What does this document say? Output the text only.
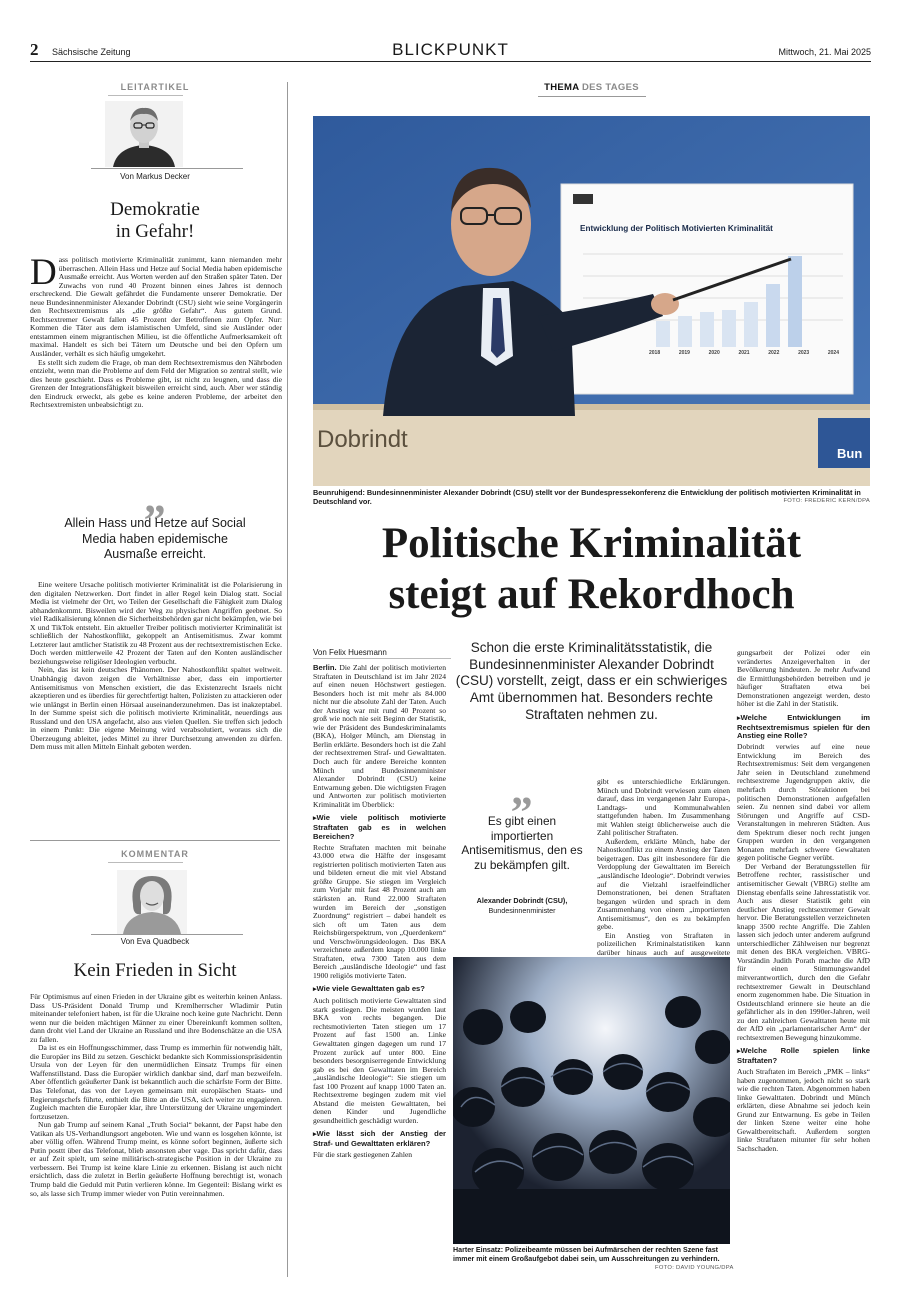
2 Sächsische Zeitung	BLICKPUNKT	Mittwoch, 21. Mai 2025
LEITARTIKEL
Von Markus Decker
Demokratie
in Gefahr!
D ass politisch motivierte Kriminalität zunimmt, kann niemanden mehr überraschen. Allein Hass und Hetze auf Social Media haben epidemische Ausmaße erreicht. Aus Worten werden auf den Straßen später Taten. Der Zuwachs von rund 40 Prozent binnen eines Jahres ist dennoch erschreckend. Die Gewalt gefährdet die Fundamente unserer Demokratie. Der neue Bundesinnenminister Alexander Dobrindt (CSU) sieht wie seine Vorgängerin den Rechtsextremismus als „die größte Gefahr“. Aus gutem Grund. Rechtsextremer Gewalt fallen 45 Prozent der Betroffenen zum Opfer. Nur: Kommen die Täter aus dem islamistischen Umfeld, sind sie Ausländer oder entstammen einem migrantischen Milieu, ist die öffentliche Aufmerksamkeit oft maximal. Handelt es sich bei Tätern um Deutsche und bei den Opfern um Ausländer, verhält es sich häufig umgekehrt.

Es stellt sich zudem die Frage, ob man dem Rechtsextremismus den Nährboden entzieht, wenn man die Probleme auf dem Feld der Migration so zentral stellt, wie dies heute geschieht. Dass es Probleme gibt, ist nicht zu leugnen, und dass die Grenzen der Integrationsfähigkeit bisweilen erreicht sind, auch. Aber wer ständig den Eindruck erweckt, als gebe es keine anderen Probleme, der arbeitet den Rechtsextremisten unbeabsichtigt zu.

„
Allein Hass und Hetze auf Social Media haben epidemische Ausmaße erreicht.

Eine weitere Ursache politisch motivierter Kriminalität ist die Polarisierung in den digitalen Netzwerken. Dort findet in aller Regel kein Dialog statt. Social Media ist vielmehr der Ort, wo Teilen der Gesellschaft die Fähigkeit zum Dialog abhandenkommt. Bisweilen wird der Weg zu physischen Angriffen geebnet. So viel Radikalisierung können die Sicherheitsbehörden gar nicht bekämpfen, wie bei X und TikTok entsteht. Ein aktueller Treiber politisch motivierter Kriminalität ist schließlich der Nahostkonflikt, gekoppelt an Antisemitismus. Zwar kommt Letzterer laut amtlicher Statistik zu 48 Prozent aus der rechtsextremistischen Ecke. Doch werden mittlerweile 42 Prozent der Taten auf den Konten ausländischer beziehungsweise religiöser Ideologien verbucht.

Nein, das ist kein deutsches Phänomen. Der Nahostkonflikt spaltet weltweit. Unabhängig davon zeigen die Verhältnisse aber, dass ein importierter Antisemitismus von Menschen existiert, die das Existenzrecht Israels nicht akzeptieren und es überdies für gerechtfertigt halten, Polizisten zu attackieren oder wie unlängst in Berlin einen Hörsaal auseinanderzunehmen. Das ist inakzeptabel. In der Summe speist sich die politisch motivierte Kriminalität, neuerdings aus Russland und den USA angefacht, also aus vielen Quellen. Sie treffen sich jedoch in einem Punkt: Die eigene Meinung wird verabsolutiert, woraus sich die Überzeugung ableitet, jedes Mittel zu ihrer Durchsetzung anwenden zu dürfen. Dem muss mit allen Mitteln Einhalt geboten werden.

KOMMENTAR
Von Eva Quadbeck
Kein Frieden in Sicht

Für Optimismus auf einen Frieden in der Ukraine gibt es weiterhin keinen Anlass. Dass US-Präsident Donald Trump und Kremlherrscher Wladimir Putin miteinander telefoniert haben, ist für die Ukraine noch keine gute Nachricht. Denn wenn nur die beiden mächtigen Männer zu einer Übereinkunft kommen sollten, dann droht viel Land der Ukraine an Russland und ihre Bodenschätze an die USA zu fallen.

Da ist es ein Hoffnungsschimmer, dass Trump es immerhin für notwendig hält, die Europäer ins Bild zu setzen. Geschickt bedankte sich Kommissionspräsidentin Ursula von der Leyen für den unermüdlichen Einsatz Trumps für einen Waffenstillstand. Dass die Europäer wirklich dankbar sind, darf man bezweifeln. Aber öffentlich geäußerter Dank ist bekanntlich auch die schärfste Form der Bitte. Das Telefonat, das von der Leyen gemeinsam mit europäischen Staats- und Regierungschefs führte, enthielt die Bitte an die USA, sich weiter zu engagieren. Zugleich machten die Europäer klar, ihre Unterstützung der Ukraine ungemindert fortzusetzen.

Nun gab Trump auf seinem Kanal „Truth Social“ bekannt, der Papst habe den Vatikan als US-Verhandlungsort angeboten. Wie und wann es losgehen könnte, ist aber völlig offen. Während Trump meint, es könne sofort beginnen, äußerte sich Putin posttt über das Telefonat, blieb ansonsten aber vage. Das spricht dafür, dass er auf Zeit spielt, um seine militärisch-strategische Position in der Ukraine zu verbessern. Bei Trump ist keine klare Linie zu erkennen. Bislang ist auch nicht ersichtlich, dass die zuletzt in Berlin geäußerte Hoffnung berechtigt ist, wonach Trump bald die Geduld mit Putin verlieren könne. Im Gegenteil: Bislang wirkt es so, als lasse sich Trump immer wieder von Putin vereinnahmen.

THEMA DES TAGES
Entwicklung der Politisch Motivierten Kriminalität
2018	2019	2020	2021	2022	2023	2024
Dobrindt
Bun
Beunruhigend: Bundesinnenminister Alexander Dobrindt (CSU) stellt vor der Bundespressekonferenz die Entwicklung der politisch motivierten Kriminalität in Deutschland vor.	FOTO: FREDERIC KERN/DPA
Politische Kriminalität
steigt auf Rekordhoch
Von Felix Huesmann	Schon die erste Kriminalitätsstatistik, die Bundesinnenminister Alexander Dobrindt (CSU) vorstellt, zeigt, dass er ein schwieriges Amt übernommen hat. Besonders rechte Straftaten nehmen zu.

Berlin. Die Zahl der politisch motivierten Straftaten in Deutschland ist im Jahr 2024 auf einen neuen Höchstwert gestiegen. Besonders hoch ist mit mehr als 84.000 nicht nur die absolute Zahl der Taten. Auch der Anstieg war mit rund 40 Prozent so groß wie noch nie seit Beginn der Statistik, wie der Präsident des Bundeskriminalamts (BKA), Holger Münch, am Dienstag in Berlin erklärte. Besonders hoch ist die Zahl der rechtsextremen Straf- und Gewalttaten. Doch auch für andere Bereiche konnten Münch und Bundesinnenminister Alexander Dobrindt (CSU) keine Entwarnung geben. Die wichtigsten Fragen und Antworten zur politisch motivierten Kriminalität im Überblick:

▸ Wie viele politisch motivierte Straftaten gab es in welchen Bereichen?

Rechte Straftaten machten mit beinahe 43.000 etwa die Hälfte der insgesamt registrierten politisch motivierten Taten aus und bildeten erneut die mit viel Abstand größte Gruppe. Sie stiegen im Vergleich zum Vorjahr mit fast 48 Prozent auch am stärksten an. Rund 22.000 Straftaten wurden im Bereich der „sonstigen Zuordnung“ registriert – dabei handelt es sich oft um Taten aus dem Reichsbürgerspektrum, von „Querdenkern“ und Verschwörungsideologen. Das BKA verzeichnete außerdem knapp 10.000 linke Straftaten, etwa 7300 Taten aus dem Bereich „ausländische Ideologie“ und fast 1900 religiös motivierte Taten.

▸ Wie viele Gewalttaten gab es?

Auch politisch motivierte Gewalttaten sind stark gestiegen. Die meisten wurden laut BKA von rechts begangen. Die rechtsmotivierten Taten stiegen um 17 Prozent auf fast 1500 an. Linke Gewalttaten gingen dagegen um rund 17 Prozent zurück auf unter 800. Eine besonders besorgniserregende Entwicklung gab es bei den Gewalttaten im Bereich „ausländische Ideologie“: Sie stiegen um fast 100 Prozent auf knapp 1000 Taten an. Rechtsextreme begingen zudem mit viel Abstand die meisten Gewalttaten, bei denen Kinder und Jugendliche gesundheitlich geschädigt wurden.

▸ Wie lässt sich der Anstieg der Straf- und Gewalttaten erklären?

Für die stark gestiegenen Zahlen

„
Es gibt einen importierten Antisemitismus, den es zu bekämpfen gilt.
Alexander Dobrindt (CSU),
Bundesinnenminister

gibt es unterschiedliche Erklärungen. Münch und Dobrindt verwiesen zum einen darauf, dass im vergangenen Jahr Europa-, Landtags- und Kommunalwahlen stattgefunden haben. Im Zusammenhang mit Wahlen steigt üblicherweise auch die Zahl politischer Straftaten.

Außerdem, erklärte Münch, habe der Nahostkonflikt zu einem Anstieg der Taten beigetragen. Das gilt insbesondere für die Verdopplung der Gewalttaten im Bereich „ausländische Ideologie“. Dobrindt verwies auf die Vielzahl israelfeindlicher Demonstrationen, bei denen Straftaten begangen würden und sprach in dem Zusammenhang von einem „importierten Antisemitismus“, den es zu bekämpfen gebe.

Ein Anstieg von Straftaten in polizeilichen Kriminalstatistiken kann darüber hinaus auch auf ausgeweitete

Harter Einsatz: Polizeibeamte müssen bei Aufmärschen der rechten Szene fast immer mit einem Großaufgebot dabei sein, um Ausschreitungen zu verhindern.
FOTO: DAVID YOUNG/DPA

gungsarbeit der Polizei oder ein verändertes Anzeigeverhalten in der Bevölkerung hindeuten. Je mehr Aufwand die Ermittlungsbehörden betreiben und je häufiger Straftaten etwa bei Demonstrationen angezeigt werden, desto höher ist die Zahl in der Statistik.

▸ Welche Entwicklungen im Rechtsextremismus spielen für den Anstieg eine Rolle?

Dobrindt verwies auf eine neue Entwicklung im Bereich des Rechtsextremismus: Seit dem vergangenen Jahr seien in Deutschland zunehmend rechtsextreme Jugendgruppen aktiv, die mehrfach durch Störaktionen bei politischen Demonstrationen aufgefallen seien. Zu nennen sind dabei vor allem Störungen und Angriffe auf CSD-Veranstaltungen in mehreren Städten. Aus dem Spektrum dieser noch recht jungen Gruppen wurden in den vergangenen Monaten mehrfach schwere Gewaltaten gegen politische Gegner verübt.

Der Verband der Beratungsstellen für Betroffene rechter, rassistischer und antisemitischer Gewalt (VBRG) stellte am Dienstag ebenfalls seine Jahresstatistik vor. Auch aus dieser Statistik geht ein deutlicher Anstieg rechtsextremer Gewalt hervor. Die Beratungsstellen verzeichneten knapp 3500 rechte Angriffe. Die Zahlen lassen sich jedoch unter anderem aufgrund unterschiedlicher Zählweisen nur begrenzt mit denen des BKA vergleichen. VBRG-Vorständin Judith Porath machte die AfD für einen Stimmungswandel mitverantwortlich, durch den die Gefahr rechtsextremer Gewalt in Deutschland enorm zugenommen habe. Die Situation in Ostdeutschland erinnere sie heute an die gefährlicher als in den 1990er-Jahren, weil zu den zahlreichen Gewalttaten heute mit der AfD ein „parlamentarischer Arm“ der rechtsextremen Bewegung hinzukomme.

▸ Welche Rolle spielen linke Straftaten?

Auch Straftaten im Bereich „PMK – links“ haben zugenommen, jedoch nicht so stark wie die rechten Taten. Abgenommen haben linke Gewalttaten. Dobrindt und Münch erklärten, diese Abnahme sei jedoch kein Grund zur Entwarnung. Es gebe in Teilen der linken Szene weiter eine hohe Gewaltbereitschaft. Außerdem sorgten linke Straftaten mitunter für sehr hohen Sachschaden.
